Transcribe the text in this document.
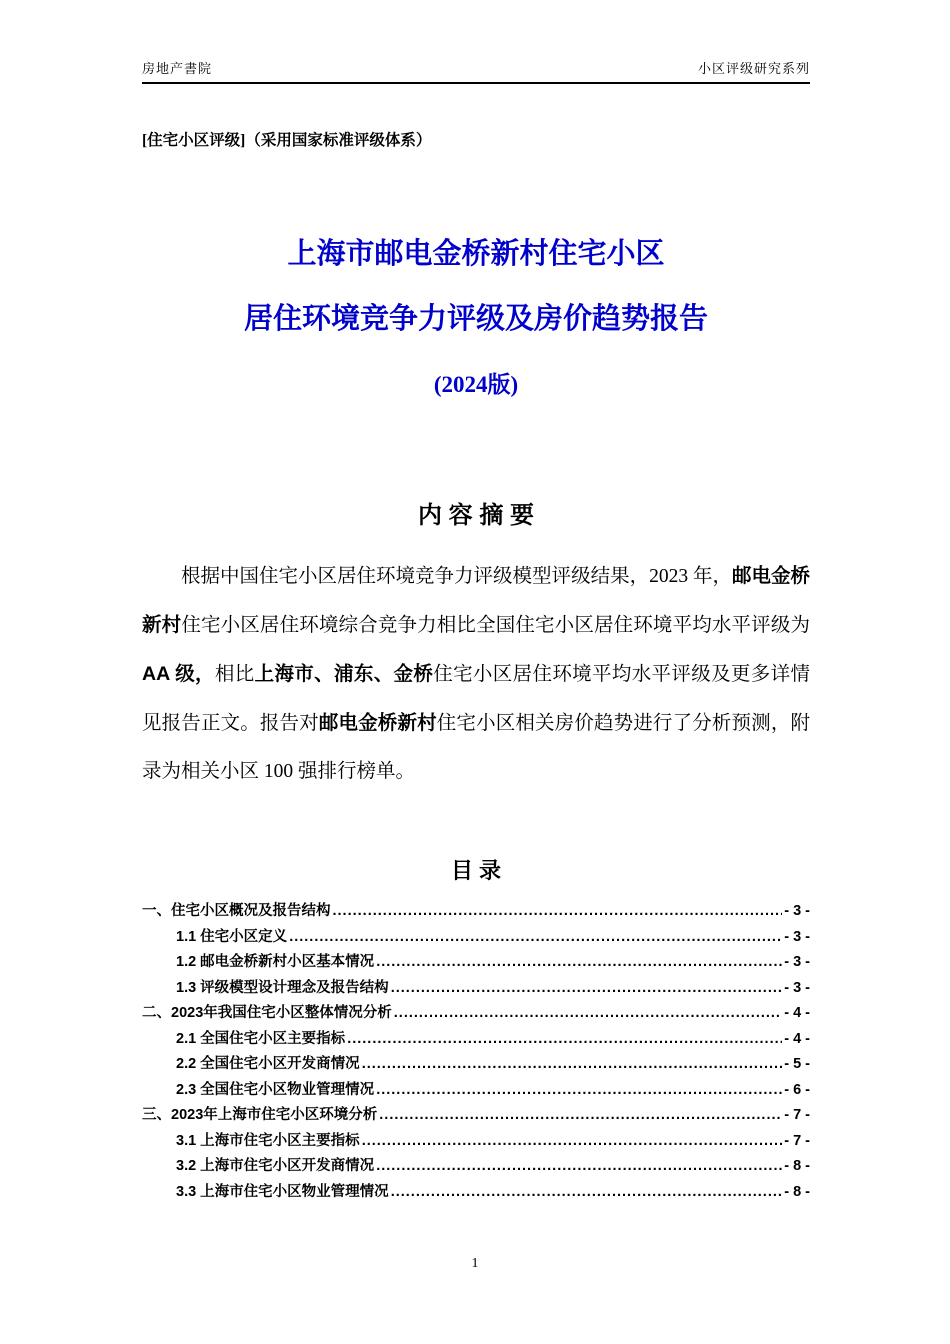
房地产書院	小区评级研究系列

[住宅小区评级]（采用国家标准评级体系）

上海市邮电金桥新村住宅小区
居住环境竞争力评级及房价趋势报告
(2024版)
内 容 摘 要

根据中国住宅小区居住环境竞争力评级模型评级结果，2023 年，邮电金桥新村住宅小区居住环境综合竞争力相比全国住宅小区居住环境平均水平评级为AA 级，相比上海市、浦东、金桥住宅小区居住环境平均水平评级及更多详情见报告正文。报告对邮电金桥新村住宅小区相关房价趋势进行了分析预测，附录为相关小区 100 强排行榜单。

目 录
一、住宅小区概况及报告结构 .....	- 3 -
1.1 住宅小区定义 .....	- 3 -
1.2 邮电金桥新村小区基本情况 .....	- 3 -
1.3 评级模型设计理念及报告结构 .....	- 3 -
二、2023年我国住宅小区整体情况分析 .....	- 4 -
2.1 全国住宅小区主要指标 .....	- 4 -
2.2 全国住宅小区开发商情况 .....	- 5 -
2.3 全国住宅小区物业管理情况 .....	- 6 -
三、2023年上海市住宅小区环境分析 .....	- 7 -
3.1 上海市住宅小区主要指标 .....	- 7 -
3.2 上海市住宅小区开发商情况 .....	- 8 -
3.3 上海市住宅小区物业管理情况 .....	- 8 -
1
